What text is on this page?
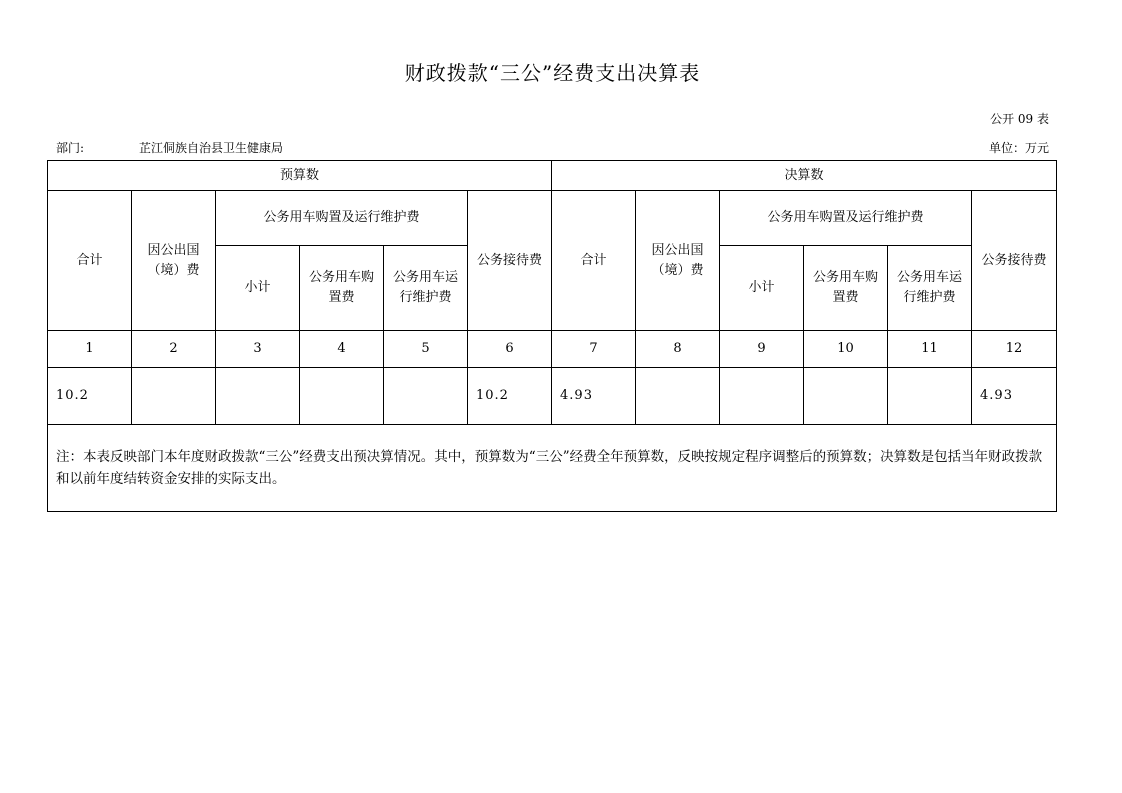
财政拨款“三公”经费支出决算表
公开 09 表
部门:	芷江侗族自治县卫生健康局	单位：万元
预算数						决算数					
合计	因公出国（境）费	公务用车购置及运行维护费			公务接待费	合计	因公出国（境）费	公务用车购置及运行维护费			公务接待费
		小计	公务用车购置费	公务用车运行维护费				小计	公务用车购置费	公务用车运行维护费	
1	2	3	4	5	6	7	8	9	10	11	12
10.2					10.2	4.93					4.93
注：本表反映部门本年度财政拨款“三公”经费支出预决算情况。其中，预算数为“三公”经费全年预算数，反映按规定程序调整后的预算数；决算数是包括当年财政拨款和以前年度结转资金安排的实际支出。											
